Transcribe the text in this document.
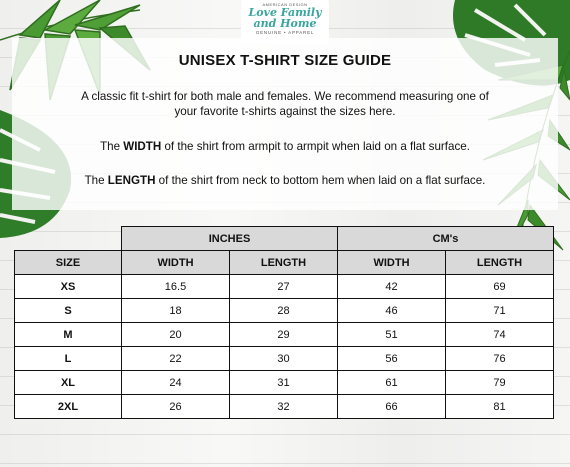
AMERICAN DESIGN
Love Family
and Home
GENUINE • APPAREL
UNISEX T-SHIRT SIZE GUIDE
A classic fit t-shirt for both male and females. We recommend measuring one of
your favorite t-shirts against the sizes here.
The WIDTH of the shirt from armpit to armpit when laid on a flat surface.
The LENGTH of the shirt from neck to bottom hem when laid on a flat surface.
	INCHES		CM's	
SIZE	WIDTH	LENGTH	WIDTH	LENGTH
XS	16.5	27	42	69
S	18	28	46	71
M	20	29	51	74
L	22	30	56	76
XL	24	31	61	79
2XL	26	32	66	81
